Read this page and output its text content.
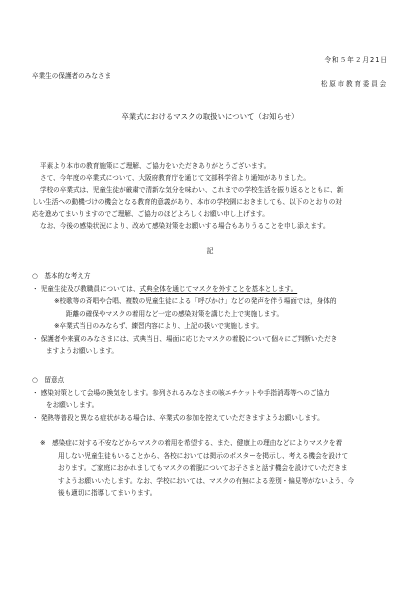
令和５年２月21日
卒業生の保護者のみなさま
松原市教育委員会
卒業式におけるマスクの取扱いについて（お知らせ）
平素より本市の教育施策にご理解、ご協力をいただきありがとうございます。
さて、今年度の卒業式について、大阪府教育庁を通じて文部科学省より通知がありました。
学校の卒業式は、児童生徒が厳粛で清新な気分を味わい、これまでの学校生活を振り返るとともに、新
しい生活への動機づけの機会となる教育的意義があり、本市の学校園におきましても、以下のとおりの対
応を進めてまいりますのでご理解、ご協力のほどよろしくお願い申し上げます。
なお、今後の感染状況により、改めて感染対策をお願いする場合もありうることを申し添えます。
記
○　基本的な考え方
・ 児童生徒及び教職員については、式典全体を通じてマスクを外すことを基本とします。
※校歌等の斉唱や合唱、複数の児童生徒による「呼びかけ」などの発声を伴う場面では，身体的
距離の確保やマスクの着用など一定の感染対策を講じた上で実施します。
※卒業式当日のみならず、練習内容により、上記の扱いで実施します。
・ 保護者や来賓のみなさまには、式典当日、場面に応じたマスクの着脱について個々にご判断いただき
ますようお願いします。
○　留意点
・ 感染対策として会場の換気をします。参列されるみなさまの咳エチケットや手指消毒等へのご協力
をお願いします。
・ 発熱等普段と異なる症状がある場合は、卒業式の参加を控えていただきますようお願いします。
※　感染症に対する不安などからマスクの着用を希望する、また、健康上の理由などによりマスクを着
用しない児童生徒もいることから、各校においては掲示のポスターを掲示し、考える機会を設けて
おります。ご家庭におかれましてもマスクの着脱についてお子さまと話す機会を設けていただきま
すようお願いいたします。なお、学校においては、マスクの有無による差別・偏見等がないよう、今
後も適切に指導してまいります。
